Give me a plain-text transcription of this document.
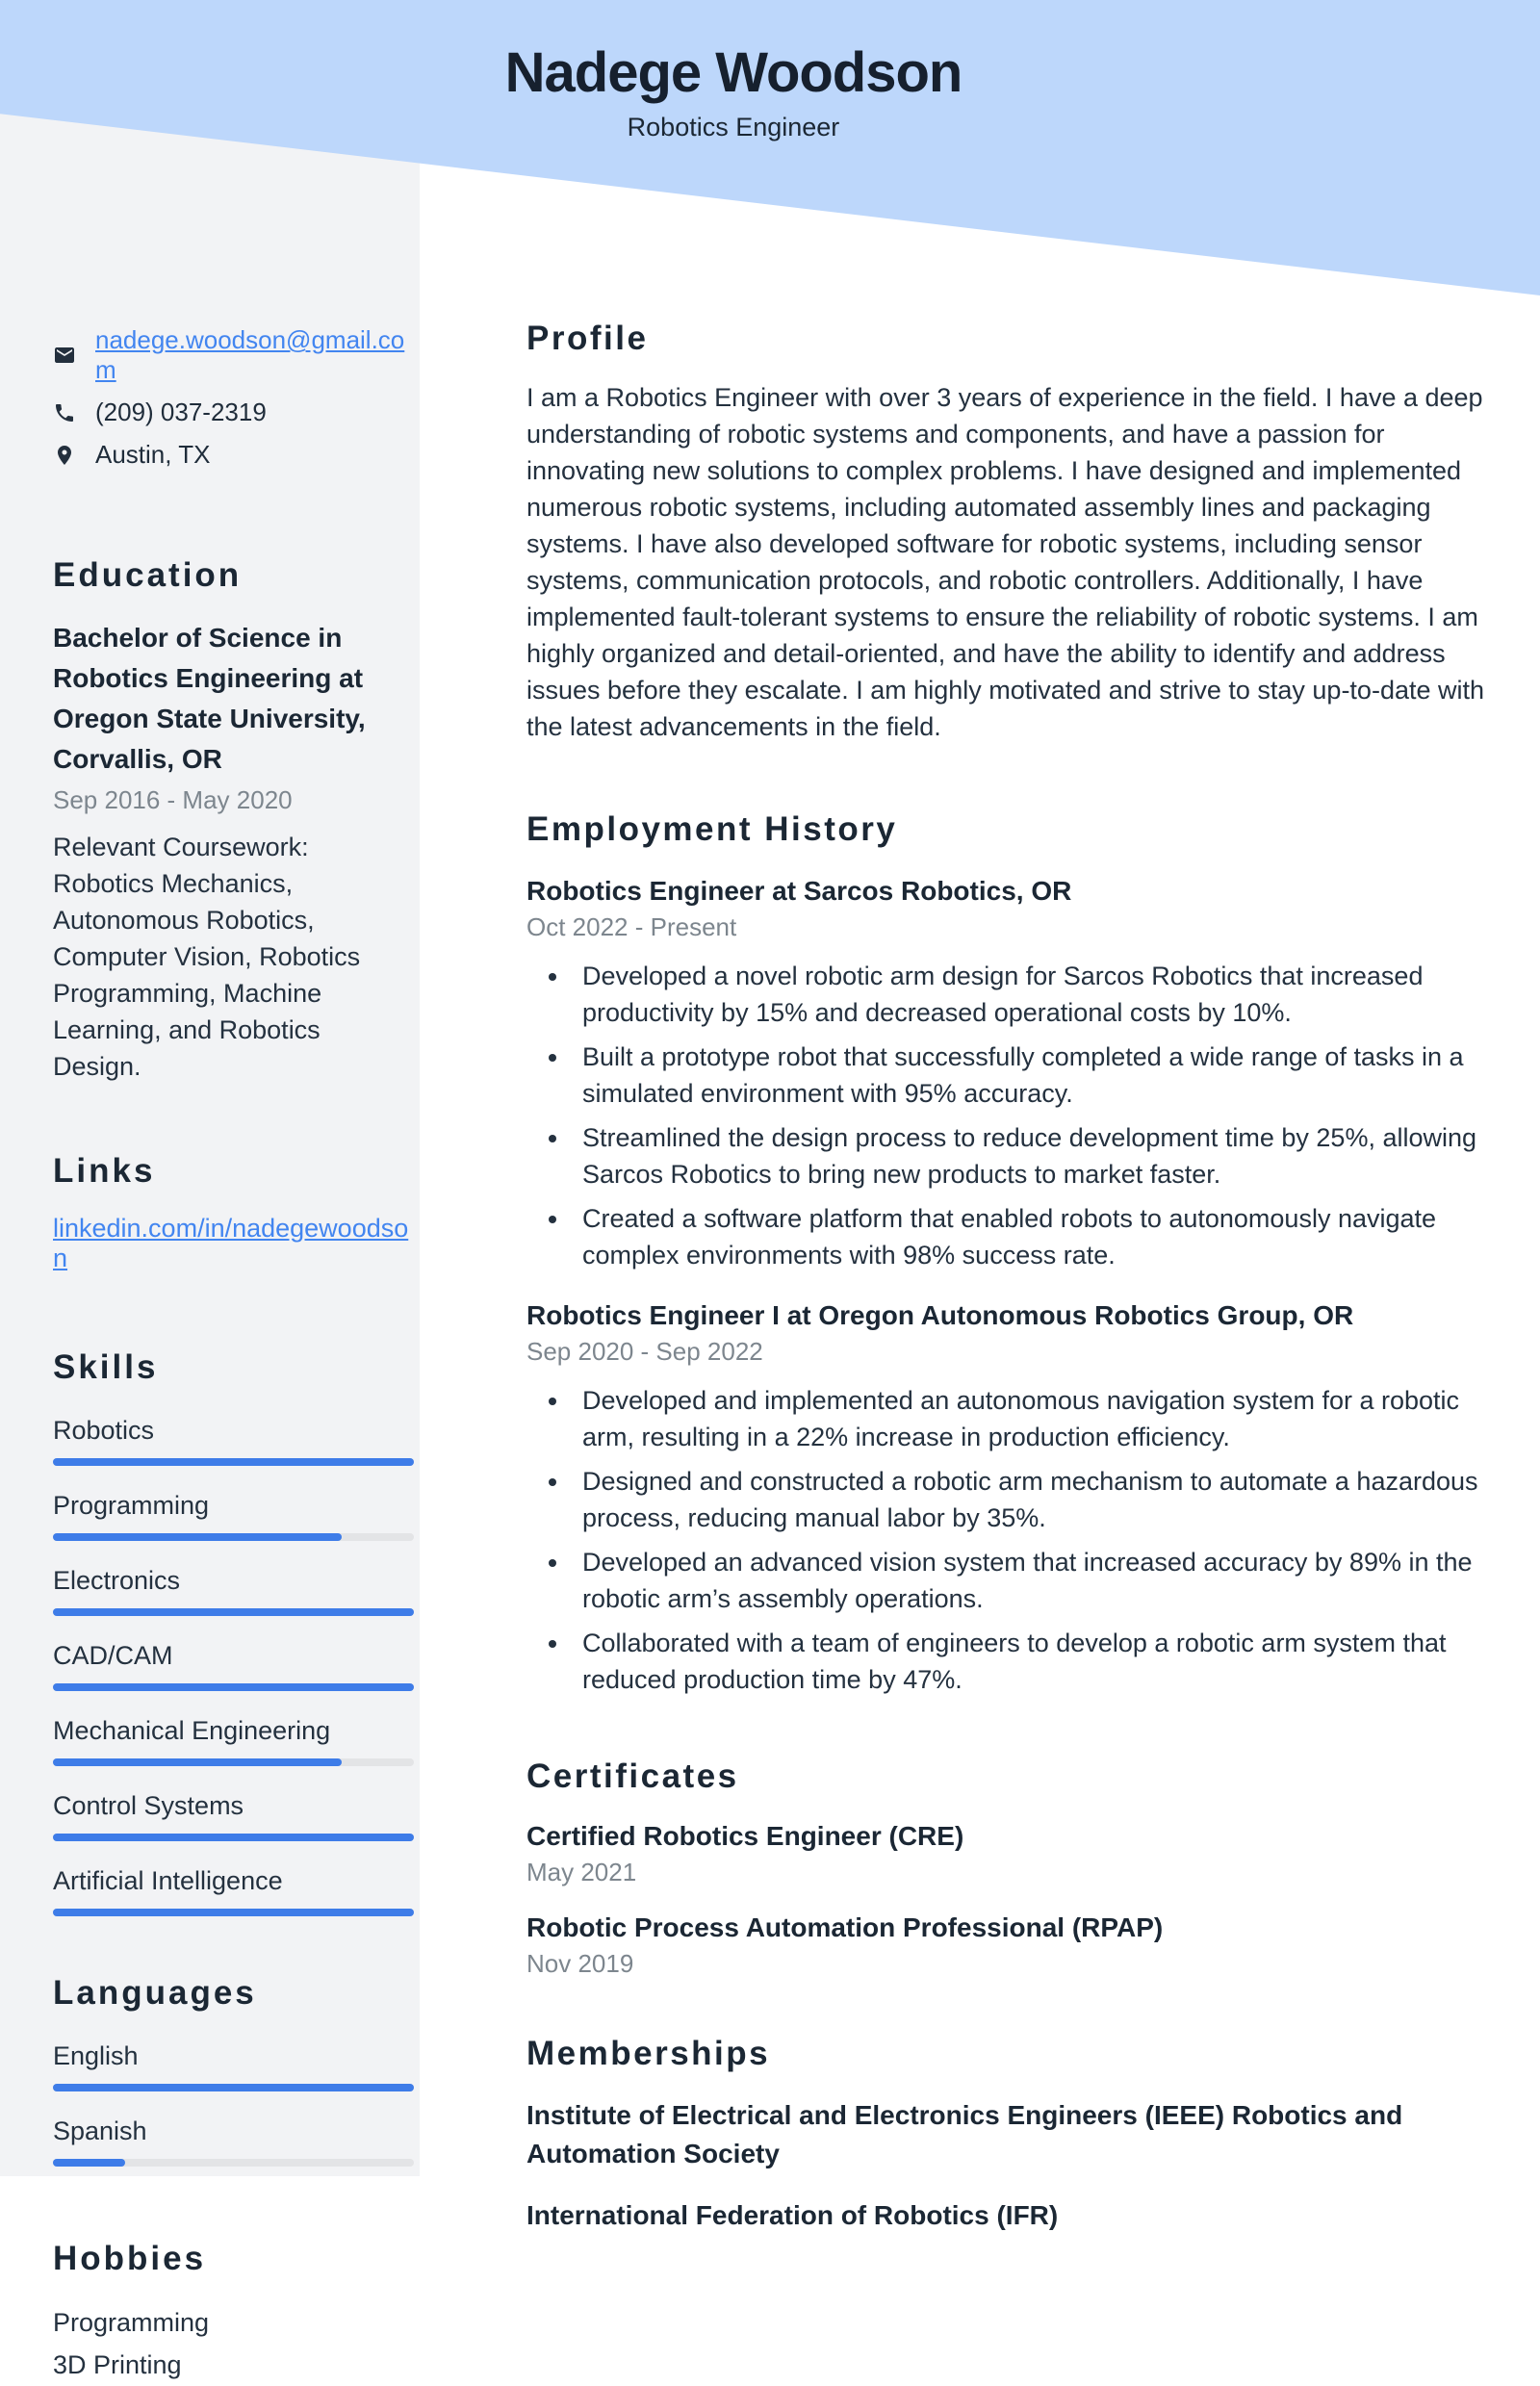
Nadege Woodson
Robotics Engineer
nadege.woodson@gmail.com
(209) 037-2319
Austin, TX
Education
Bachelor of Science in Robotics Engineering at Oregon State University, Corvallis, OR
Sep 2016 - May 2020
Relevant Coursework: Robotics Mechanics, Autonomous Robotics, Computer Vision, Robotics Programming, Machine Learning, and Robotics Design.
Links
linkedin.com/in/nadegewoodson
Skills
Robotics
Programming
Electronics
CAD/CAM
Mechanical Engineering
Control Systems
Artificial Intelligence
Languages
English
Spanish
Hobbies
Programming
3D Printing
Profile
I am a Robotics Engineer with over 3 years of experience in the field. I have a deep understanding of robotic systems and components, and have a passion for innovating new solutions to complex problems. I have designed and implemented numerous robotic systems, including automated assembly lines and packaging systems. I have also developed software for robotic systems, including sensor systems, communication protocols, and robotic controllers. Additionally, I have implemented fault-tolerant systems to ensure the reliability of robotic systems. I am highly organized and detail-oriented, and have the ability to identify and address issues before they escalate. I am highly motivated and strive to stay up-to-date with the latest advancements in the field.
Employment History
Robotics Engineer at Sarcos Robotics, OR
Oct 2022 - Present
• Developed a novel robotic arm design for Sarcos Robotics that increased productivity by 15% and decreased operational costs by 10%.
• Built a prototype robot that successfully completed a wide range of tasks in a simulated environment with 95% accuracy.
• Streamlined the design process to reduce development time by 25%, allowing Sarcos Robotics to bring new products to market faster.
• Created a software platform that enabled robots to autonomously navigate complex environments with 98% success rate.
Robotics Engineer I at Oregon Autonomous Robotics Group, OR
Sep 2020 - Sep 2022
• Developed and implemented an autonomous navigation system for a robotic arm, resulting in a 22% increase in production efficiency.
• Designed and constructed a robotic arm mechanism to automate a hazardous process, reducing manual labor by 35%.
• Developed an advanced vision system that increased accuracy by 89% in the robotic arm’s assembly operations.
• Collaborated with a team of engineers to develop a robotic arm system that reduced production time by 47%.
Certificates
Certified Robotics Engineer (CRE)
May 2021
Robotic Process Automation Professional (RPAP)
Nov 2019
Memberships
Institute of Electrical and Electronics Engineers (IEEE) Robotics and Automation Society
International Federation of Robotics (IFR)
